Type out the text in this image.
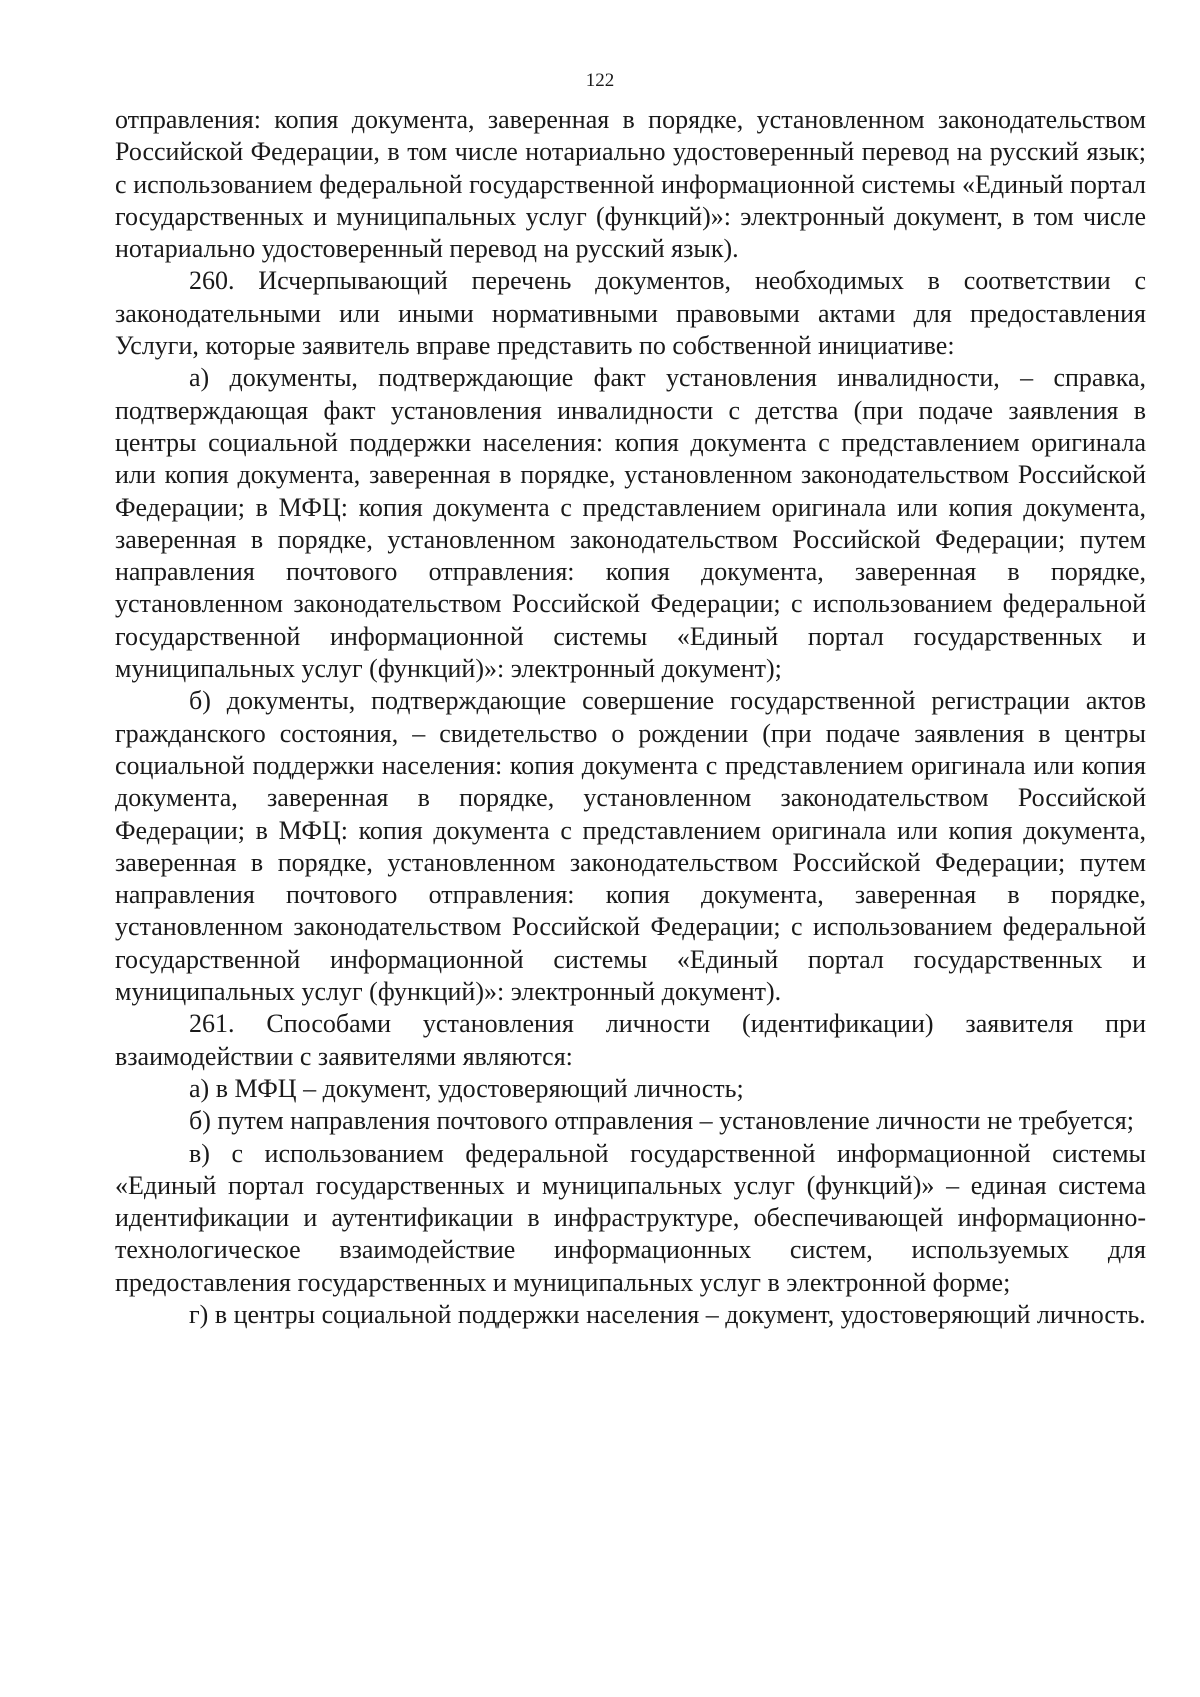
122

отправления: копия документа, заверенная в порядке, установленном законодательством Российской Федерации, в том числе нотариально удостоверенный перевод на русский язык; с использованием федеральной государственной информационной системы «Единый портал государственных и муниципальных услуг (функций)»: электронный документ, в том числе нотариально удостоверенный перевод на русский язык).

260. Исчерпывающий перечень документов, необходимых в соответствии с законодательными или иными нормативными правовыми актами для предоставления Услуги, которые заявитель вправе представить по собственной инициативе:

а) документы, подтверждающие факт установления инвалидности, – справка, подтверждающая факт установления инвалидности с детства (при подаче заявления в центры социальной поддержки населения: копия документа с представлением оригинала или копия документа, заверенная в порядке, установленном законодательством Российской Федерации; в МФЦ: копия документа с представлением оригинала или копия документа, заверенная в порядке, установленном законодательством Российской Федерации; путем направления почтового отправления: копия документа, заверенная в порядке, установленном законодательством Российской Федерации; с использованием федеральной государственной информационной системы «Единый портал государственных и муниципальных услуг (функций)»: электронный документ);

б) документы, подтверждающие совершение государственной регистрации актов гражданского состояния, – свидетельство о рождении (при подаче заявления в центры социальной поддержки населения: копия документа с представлением оригинала или копия документа, заверенная в порядке, установленном законодательством Российской Федерации; в МФЦ: копия документа с представлением оригинала или копия документа, заверенная в порядке, установленном законодательством Российской Федерации; путем направления почтового отправления: копия документа, заверенная в порядке, установленном законодательством Российской Федерации; с использованием федеральной государственной информационной системы «Единый портал государственных и муниципальных услуг (функций)»: электронный документ).

261. Способами установления личности (идентификации) заявителя при взаимодействии с заявителями являются:

а) в МФЦ – документ, удостоверяющий личность;

б) путем направления почтового отправления – установление личности не требуется;

в) с использованием федеральной государственной информационной системы «Единый портал государственных и муниципальных услуг (функций)» – единая система идентификации и аутентификации в инфраструктуре, обеспечивающей информационно-технологическое взаимодействие информационных систем, используемых для предоставления государственных и муниципальных услуг в электронной форме;

г) в центры социальной поддержки населения – документ, удостоверяющий личность.
